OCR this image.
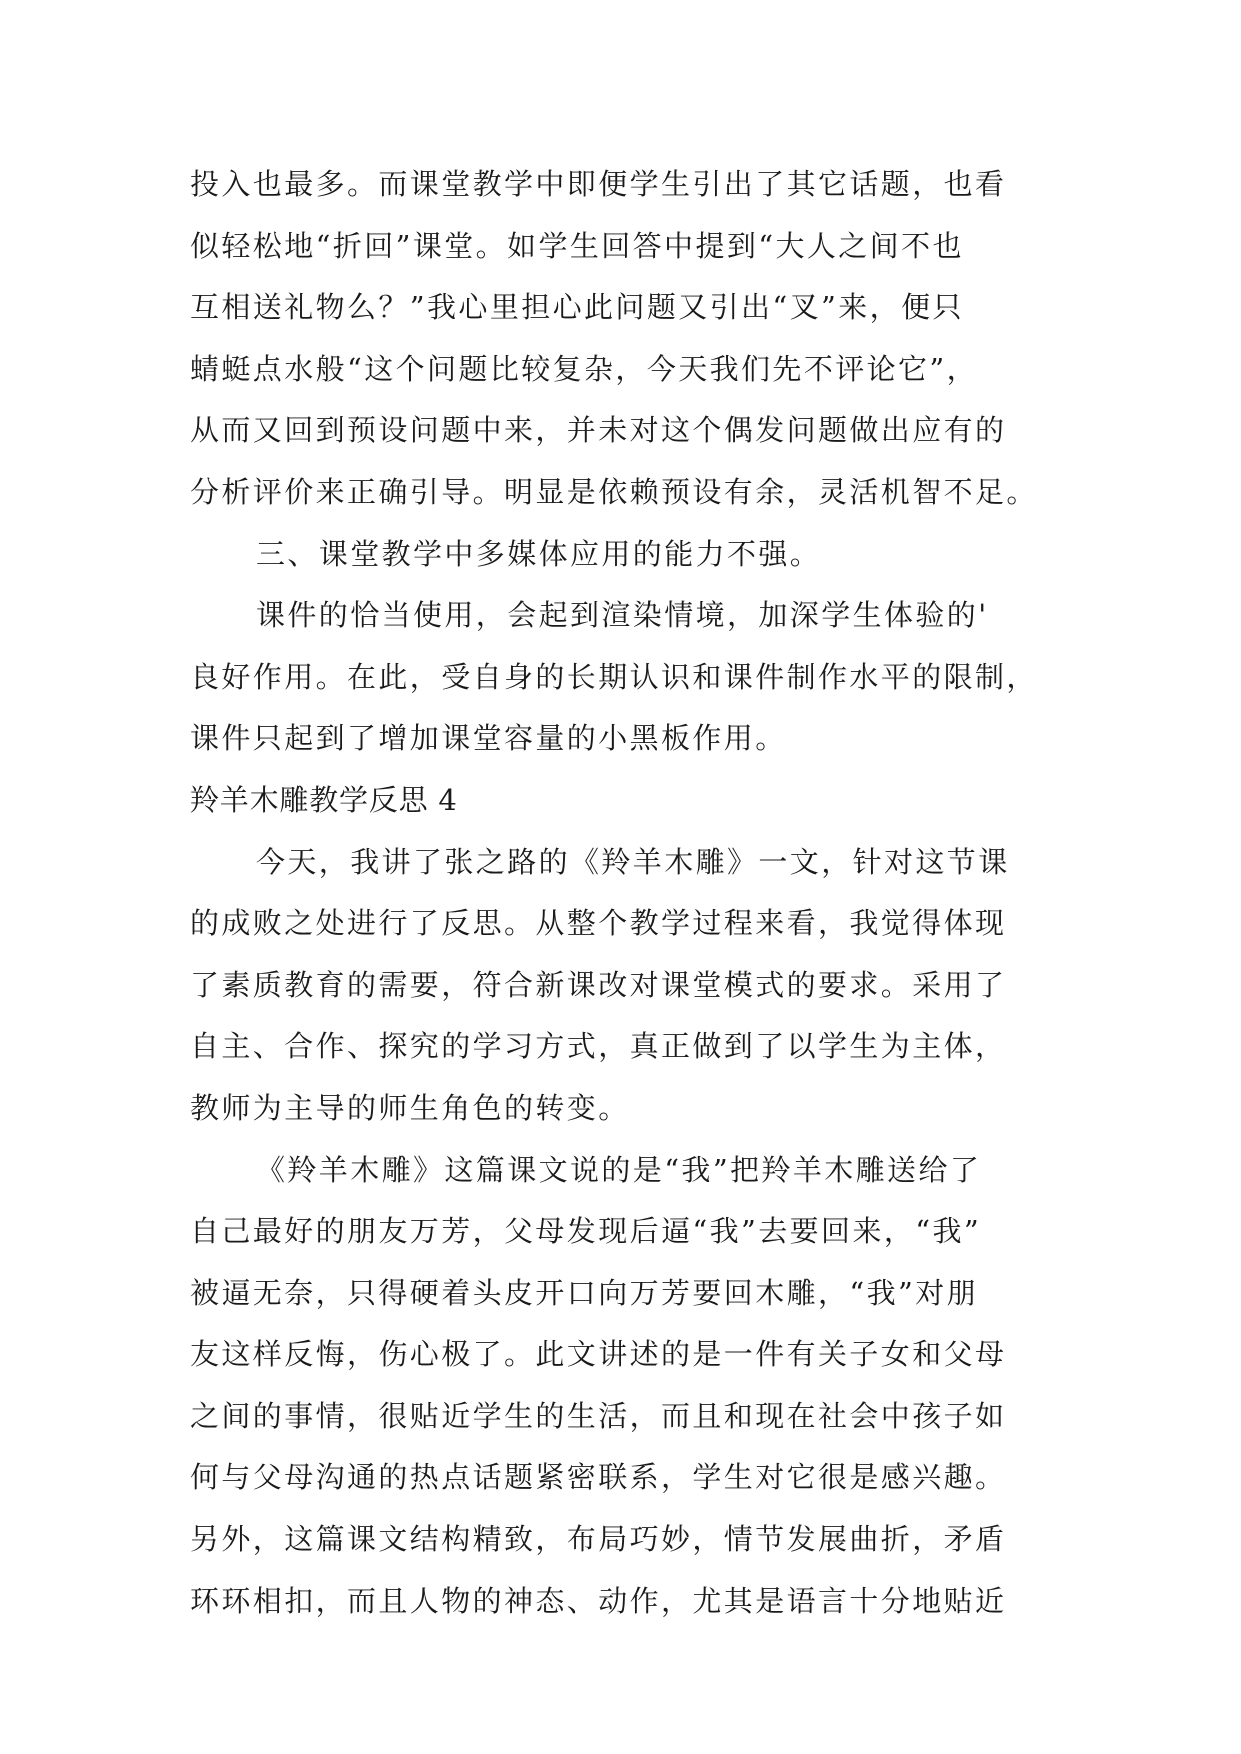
投入也最多。而课堂教学中即便学生引出了其它话题，也看
似轻松地“折回”课堂。如学生回答中提到“大人之间不也
互相送礼物么？”我心里担心此问题又引出“叉”来，便只
蜻蜓点水般“这个问题比较复杂，今天我们先不评论它”，
从而又回到预设问题中来，并未对这个偶发问题做出应有的
分析评价来正确引导。明显是依赖预设有余，灵活机智不足。
三、课堂教学中多媒体应用的能力不强。
课件的恰当使用，会起到渲染情境，加深学生体验的'
良好作用。在此，受自身的长期认识和课件制作水平的限制，
课件只起到了增加课堂容量的小黑板作用。
羚羊木雕教学反思 4
今天，我讲了张之路的《羚羊木雕》一文，针对这节课
的成败之处进行了反思。从整个教学过程来看，我觉得体现
了素质教育的需要，符合新课改对课堂模式的要求。采用了
自主、合作、探究的学习方式，真正做到了以学生为主体，
教师为主导的师生角色的转变。
《羚羊木雕》这篇课文说的是“我”把羚羊木雕送给了
自己最好的朋友万芳，父母发现后逼“我”去要回来，“我”
被逼无奈，只得硬着头皮开口向万芳要回木雕，“我”对朋
友这样反悔，伤心极了。此文讲述的是一件有关子女和父母
之间的事情，很贴近学生的生活，而且和现在社会中孩子如
何与父母沟通的热点话题紧密联系，学生对它很是感兴趣。
另外，这篇课文结构精致，布局巧妙，情节发展曲折，矛盾
环环相扣，而且人物的神态、动作，尤其是语言十分地贴近
